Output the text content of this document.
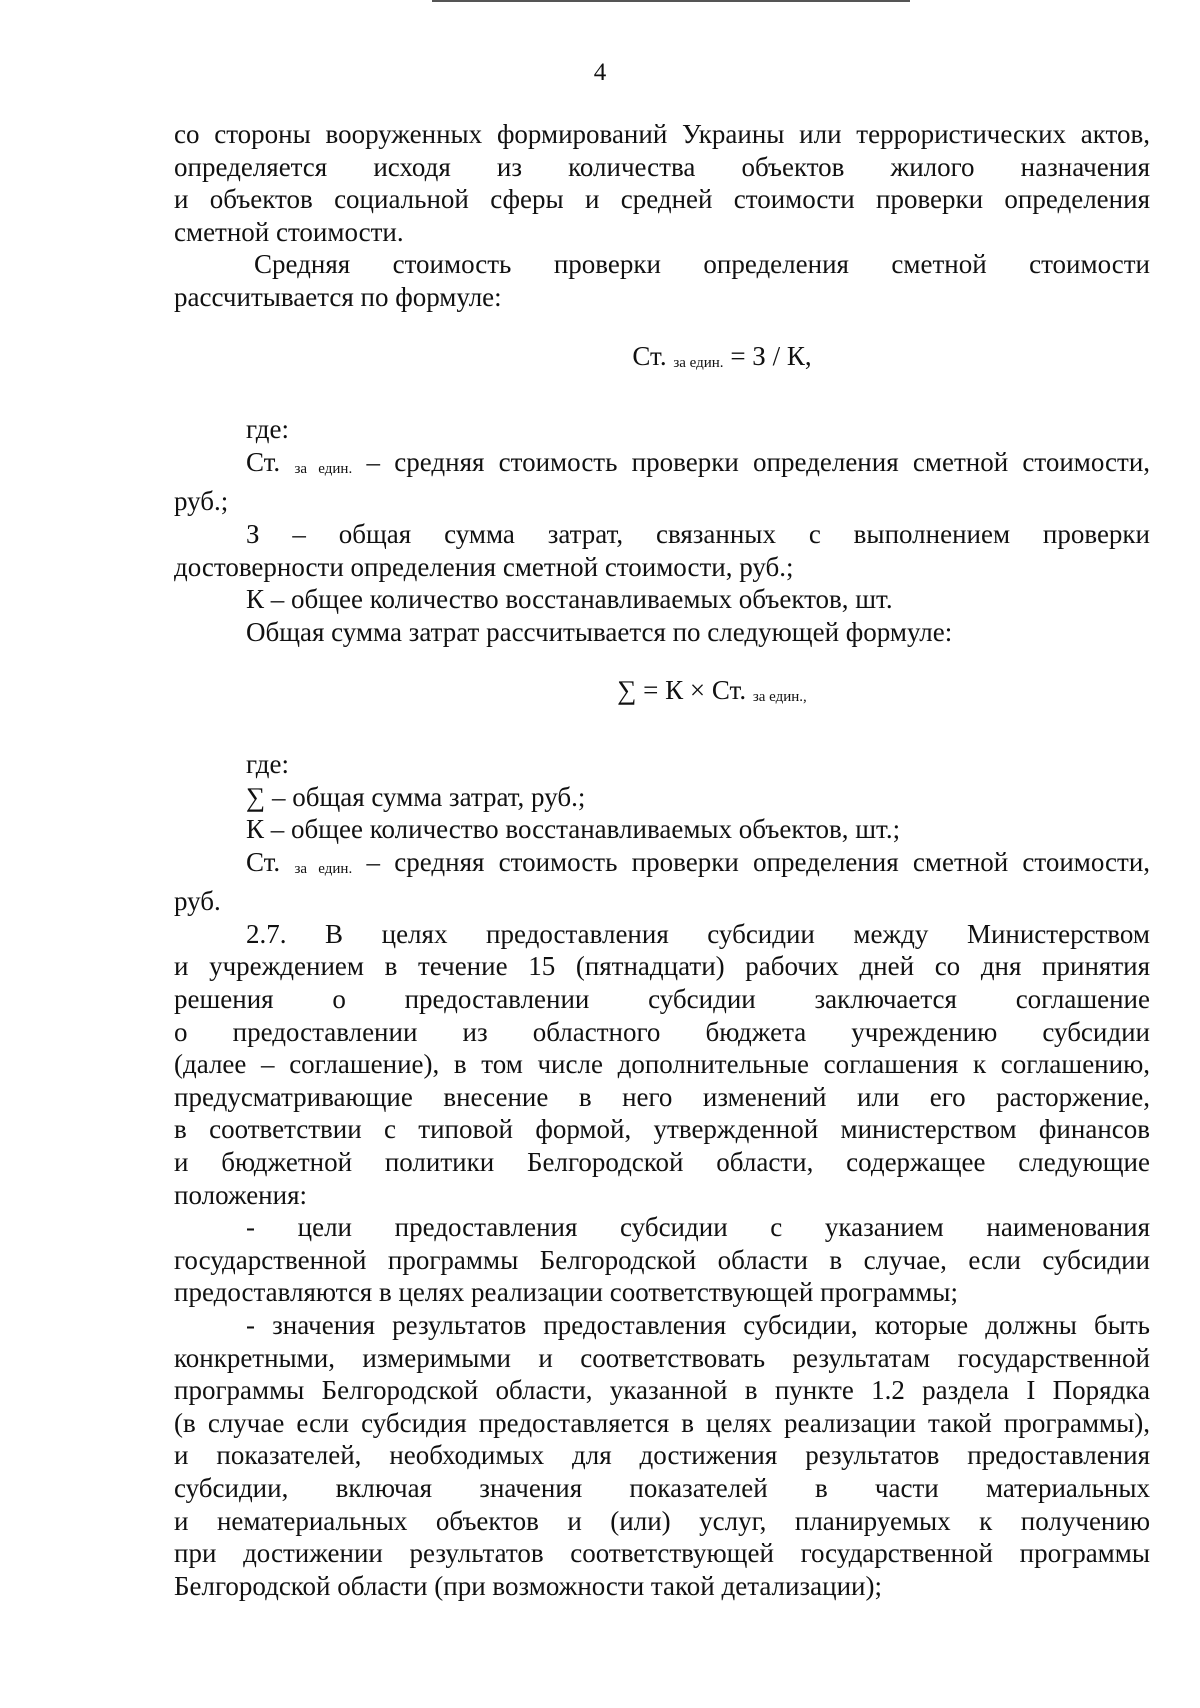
4

со стороны вооруженных формирований Украины или террористических актов,

определяется исходя из количества объектов жилого назначения

и объектов социальной сферы и средней стоимости проверки определения

сметной стоимости.

Средняя стоимость проверки определения сметной стоимости

рассчитывается по формуле:

Ст. за един. = З / К,

где:

Ст. за един. – средняя стоимость проверки определения сметной стоимости,

руб.;

З – общая сумма затрат, связанных с выполнением проверки

достоверности определения сметной стоимости, руб.;

К – общее количество восстанавливаемых объектов, шт.

Общая сумма затрат рассчитывается по следующей формуле:

∑ = К × Ст. за един.,

где:

∑ – общая сумма затрат, руб.;

К – общее количество восстанавливаемых объектов, шт.;

Ст. за един. – средняя стоимость проверки определения сметной стоимости,

руб.

2.7. В целях предоставления субсидии между Министерством

и учреждением в течение 15 (пятнадцати) рабочих дней со дня принятия

решения о предоставлении субсидии заключается соглашение

о предоставлении из областного бюджета учреждению субсидии

(далее – соглашение), в том числе дополнительные соглашения к соглашению,

предусматривающие внесение в него изменений или его расторжение,

в соответствии с типовой формой, утвержденной министерством финансов

и бюджетной политики Белгородской области, содержащее следующие

положения:

- цели предоставления субсидии с указанием наименования

государственной программы Белгородской области в случае, если субсидии

предоставляются в целях реализации соответствующей программы;

- значения результатов предоставления субсидии, которые должны быть

конкретными, измеримыми и соответствовать результатам государственной

программы Белгородской области, указанной в пункте 1.2 раздела I Порядка

(в случае если субсидия предоставляется в целях реализации такой программы),

и показателей, необходимых для достижения результатов предоставления

субсидии, включая значения показателей в части материальных

и нематериальных объектов и (или) услуг, планируемых к получению

при достижении результатов соответствующей государственной программы

Белгородской области (при возможности такой детализации);
